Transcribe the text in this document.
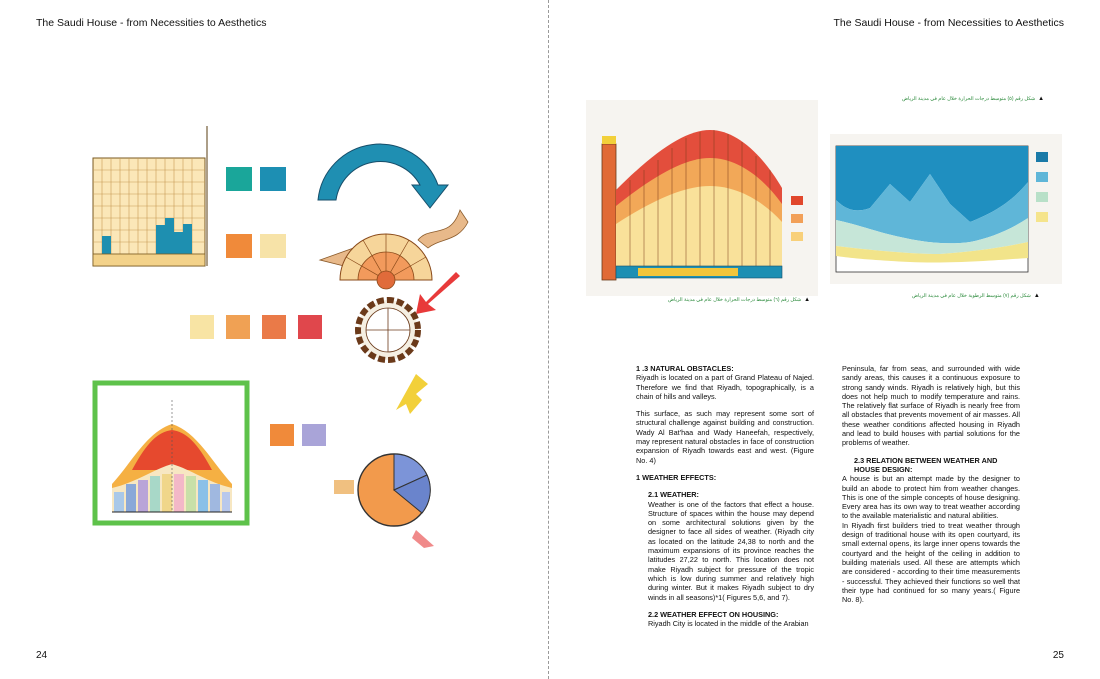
The Saudi House - from Necessities to Aesthetics
24
The Saudi House - from Necessities to Aesthetics
شكل رقم (٥) متوسط درجات الحرارة خلال عام في مدينة الرياض ▲
شكل رقم (٦) متوسط درجات الحرارة خلال عام في مدينة الرياض ▲
شكل رقم (٧) متوسط الرطوبة خلال عام في مدينة الرياض ▲
1 .3 NATURAL OBSTACLES:

Riyadh is located on a part of Grand Plateau of Najed. Therefore we find that Riyadh, topographically, is a chain of hills and valleys.

This surface, as such may represent some sort of structural challenge against building and construction. Wady Al Bat'haa and Wady Haneefah, respectively, may represent natural obstacles in face of construction expansion of Riyadh towards east and west. (Figure No. 4)

1 WEATHER EFFECTS:
2.1 WEATHER:

Weather is one of the factors that effect a house. Structure of spaces within the house may depend on some architectural solutions given by the designer to face all sides of weather. (Riyadh city as located on the latitude 24,38 to north and the maximum expansions of its province reaches the latitudes 27,22 to north. This location does not make Riyadh subject for pressure of the tropic which is low during summer and relatively high during winter. But it makes Riyadh subject to dry winds in all seasons)*1( Figures 5,6, and 7).

2.2 WEATHER EFFECT ON HOUSING:

Riyadh City is located in the middle of the Arabian

Peninsula, far from seas, and surrounded with wide sandy areas, this causes it a continuous exposure to strong sandy winds. Riyadh is relatively high, but this does not help much to modify temperature and rains. The relatively flat surface of Riyadh is nearly free from all obstacles that prevents movement of air masses. All these weather conditions affected housing in Riyadh and lead to build houses with partial solutions for the problems of weather.

2.3 RELATION BETWEEN WEATHER AND HOUSE DESIGN:

A house is but an attempt made by the designer to build an abode to protect him from weather changes. This is one of the simple concepts of house designing. Every area has its own way to treat weather according to the available materialistic and natural abilities.

In Riyadh first builders tried to treat weather through design of traditional house with its open courtyard, its small external opens, its large inner opens towards the courtyard and the height of the ceiling in addition to building materials used. All these are attempts which are considered - according to their time measurements - successful. They achieved their functions so well that their type had continued for so many years.( Figure No. 8).

25
